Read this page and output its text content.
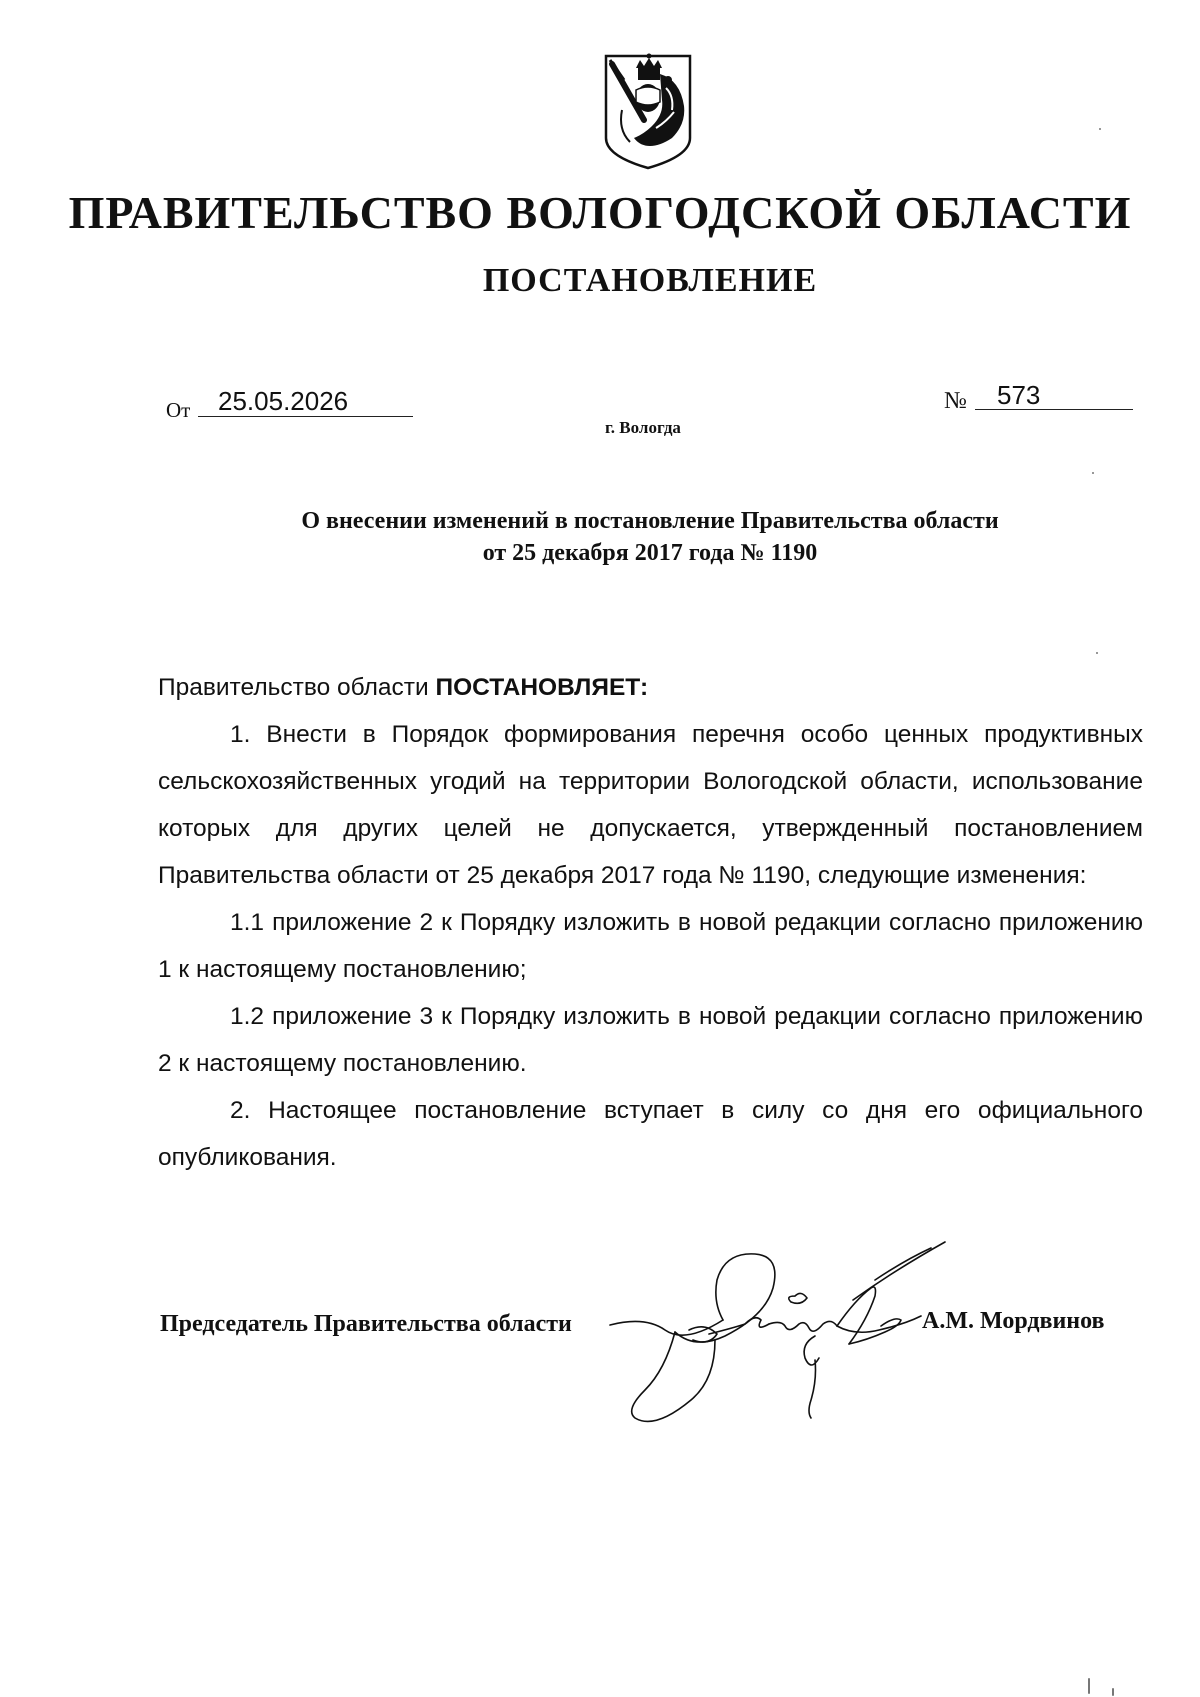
ПРАВИТЕЛЬСТВО ВОЛОГОДСКОЙ ОБЛАСТИ
ПОСТАНОВЛЕНИЕ
От 25.05.2026	№ 573
г. Вологда
О внесении изменений в постановление Правительства области
от 25 декабря 2017 года № 1190

Правительство области ПОСТАНОВЛЯЕТ:

1. Внести в Порядок формирования перечня особо ценных продуктивных сельскохозяйственных угодий на территории Вологодской области, использование которых для других целей не допускается, утвержденный постановлением Правительства области от 25 декабря 2017 года № 1190, следующие изменения:

1.1 приложение 2 к Порядку изложить в новой редакции согласно приложению 1 к настоящему постановлению;

1.2 приложение 3 к Порядку изложить в новой редакции согласно приложению 2 к настоящему постановлению.

2. Настоящее постановление вступает в силу со дня его официального опубликования.

Председатель Правительства области	А.М. Мордвинов
